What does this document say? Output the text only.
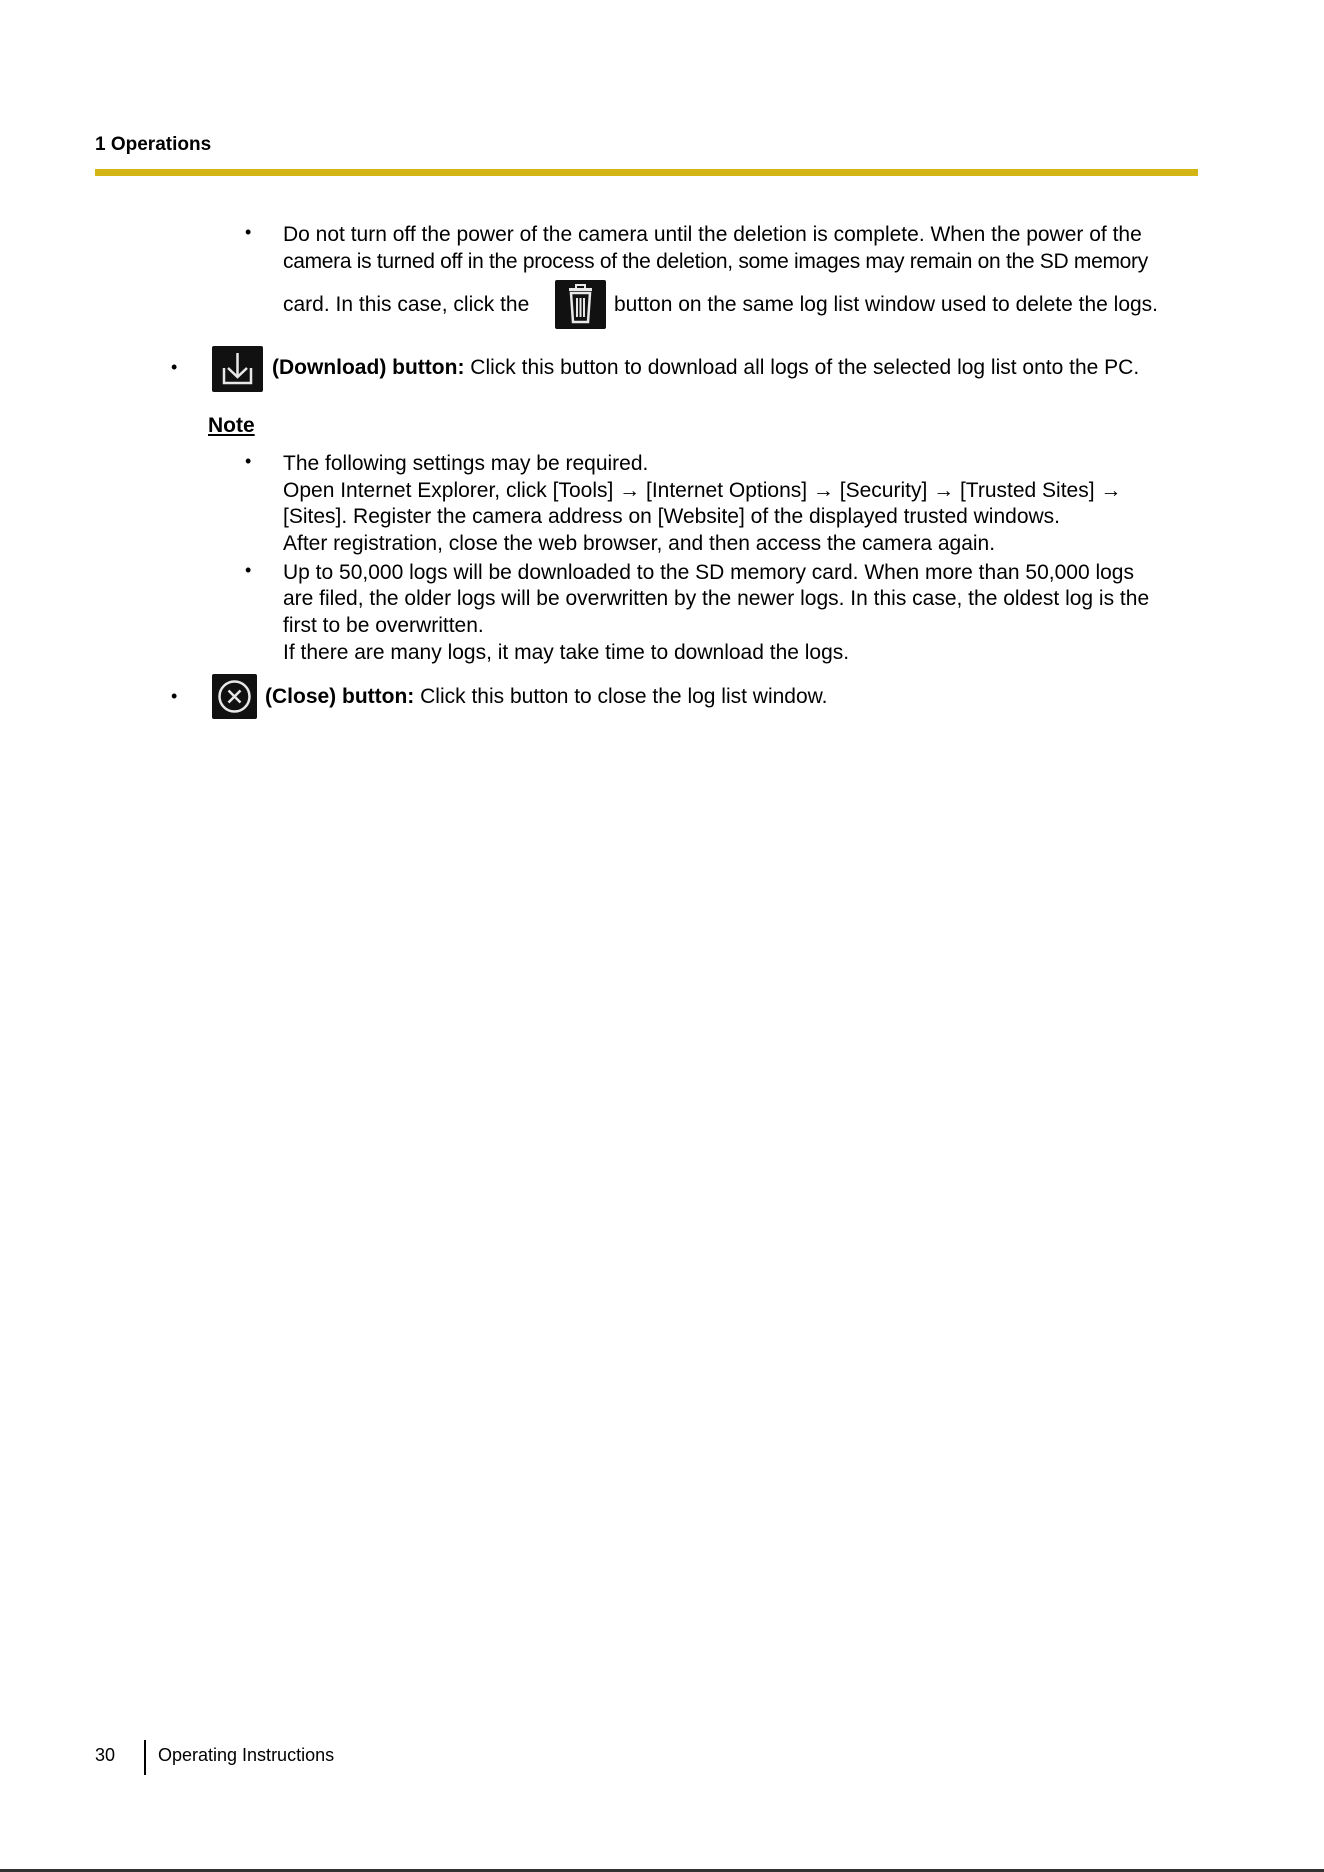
1 Operations
• Do not turn off the power of the camera until the deletion is complete. When the power of the
camera is turned off in the process of the deletion, some images may remain on the SD memory
card. In this case, click the	button on the same log list window used to delete the logs.
•	(Download) button: Click this button to download all logs of the selected log list onto the PC.
Note
• The following settings may be required.
Open Internet Explorer, click [Tools] → [Internet Options] → [Security] → [Trusted Sites] →
[Sites]. Register the camera address on [Website] of the displayed trusted windows.
After registration, close the web browser, and then access the camera again.
• Up to 50,000 logs will be downloaded to the SD memory card. When more than 50,000 logs
are filed, the older logs will be overwritten by the newer logs. In this case, the oldest log is the
first to be overwritten.
If there are many logs, it may take time to download the logs.
•	(Close) button: Click this button to close the log list window.
30 Operating Instructions
